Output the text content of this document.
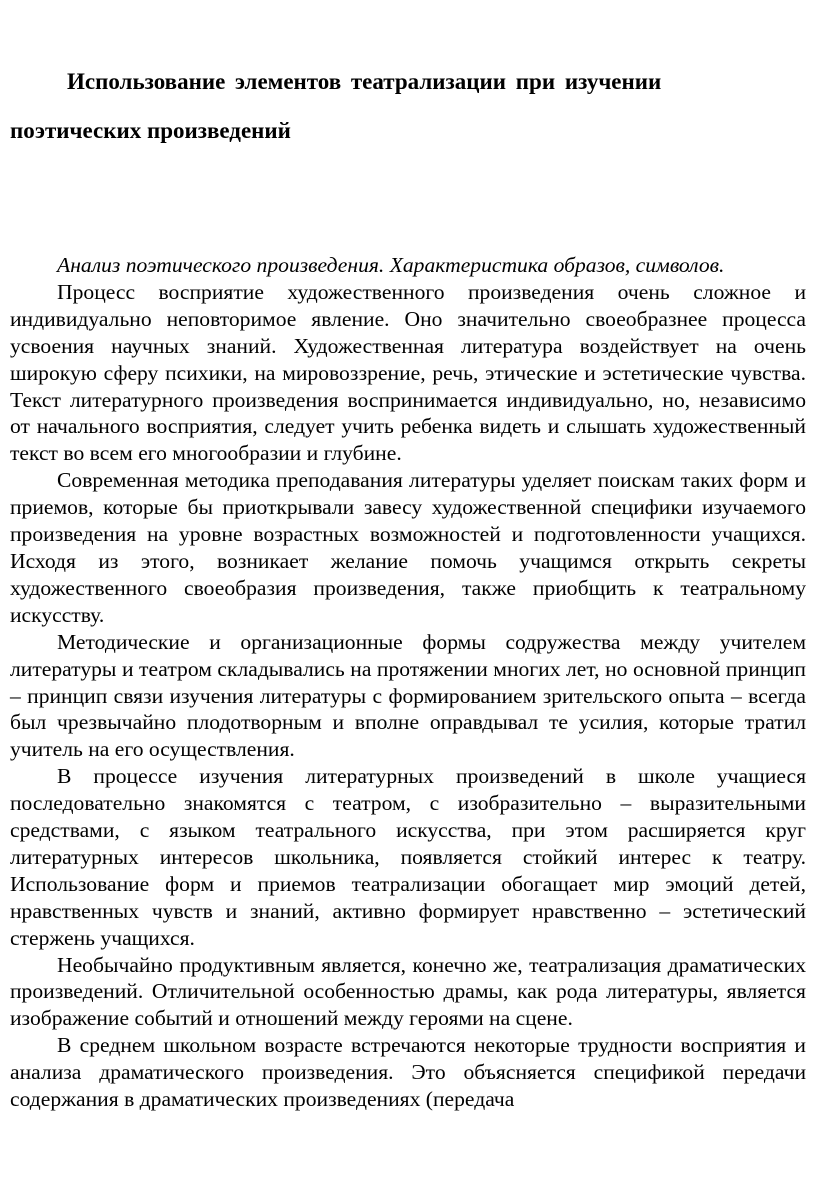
Использование элементов театрализации при изучении
поэтических произведений

Анализ поэтического произведения. Характеристика образов, символов.

Процесс восприятие художественного произведения очень сложное и индивидуально неповторимое явление. Оно значительно своеобразнее процесса усвоения научных знаний. Художественная литература воздействует на очень широкую сферу психики, на мировоззрение, речь, этические и эстетические чувства. Текст литературного произведения воспринимается индивидуально, но, независимо от начального восприятия, следует учить ребенка видеть и слышать художественный текст во всем его многообразии и глубине.

Современная методика преподавания литературы уделяет поискам таких форм и приемов, которые бы приоткрывали завесу художественной специфики изучаемого произведения на уровне возрастных возможностей и подготовленности учащихся. Исходя из этого, возникает желание помочь учащимся открыть секреты художественного своеобразия произведения, также приобщить к театральному искусству.

Методические и организационные формы содружества между учителем литературы и театром складывались на протяжении многих лет, но основной принцип – принцип связи изучения литературы с формированием зрительского опыта – всегда был чрезвычайно плодотворным и вполне оправдывал те усилия, которые тратил учитель на его осуществления.

В процессе изучения литературных произведений в школе учащиеся последовательно знакомятся с театром, с изобразительно – выразительными средствами, с языком театрального искусства, при этом расширяется круг литературных интересов школьника, появляется стойкий интерес к театру. Использование форм и приемов театрализации обогащает мир эмоций детей, нравственных чувств и знаний, активно формирует нравственно – эстетический стержень учащихся.

Необычайно продуктивным является, конечно же, театрализация драматических произведений. Отличительной особенностью драмы, как рода литературы, является изображение событий и отношений между героями на сцене.

В среднем школьном возрасте встречаются некоторые трудности восприятия и анализа драматического произведения. Это объясняется спецификой передачи содержания в драматических произведениях (передача
